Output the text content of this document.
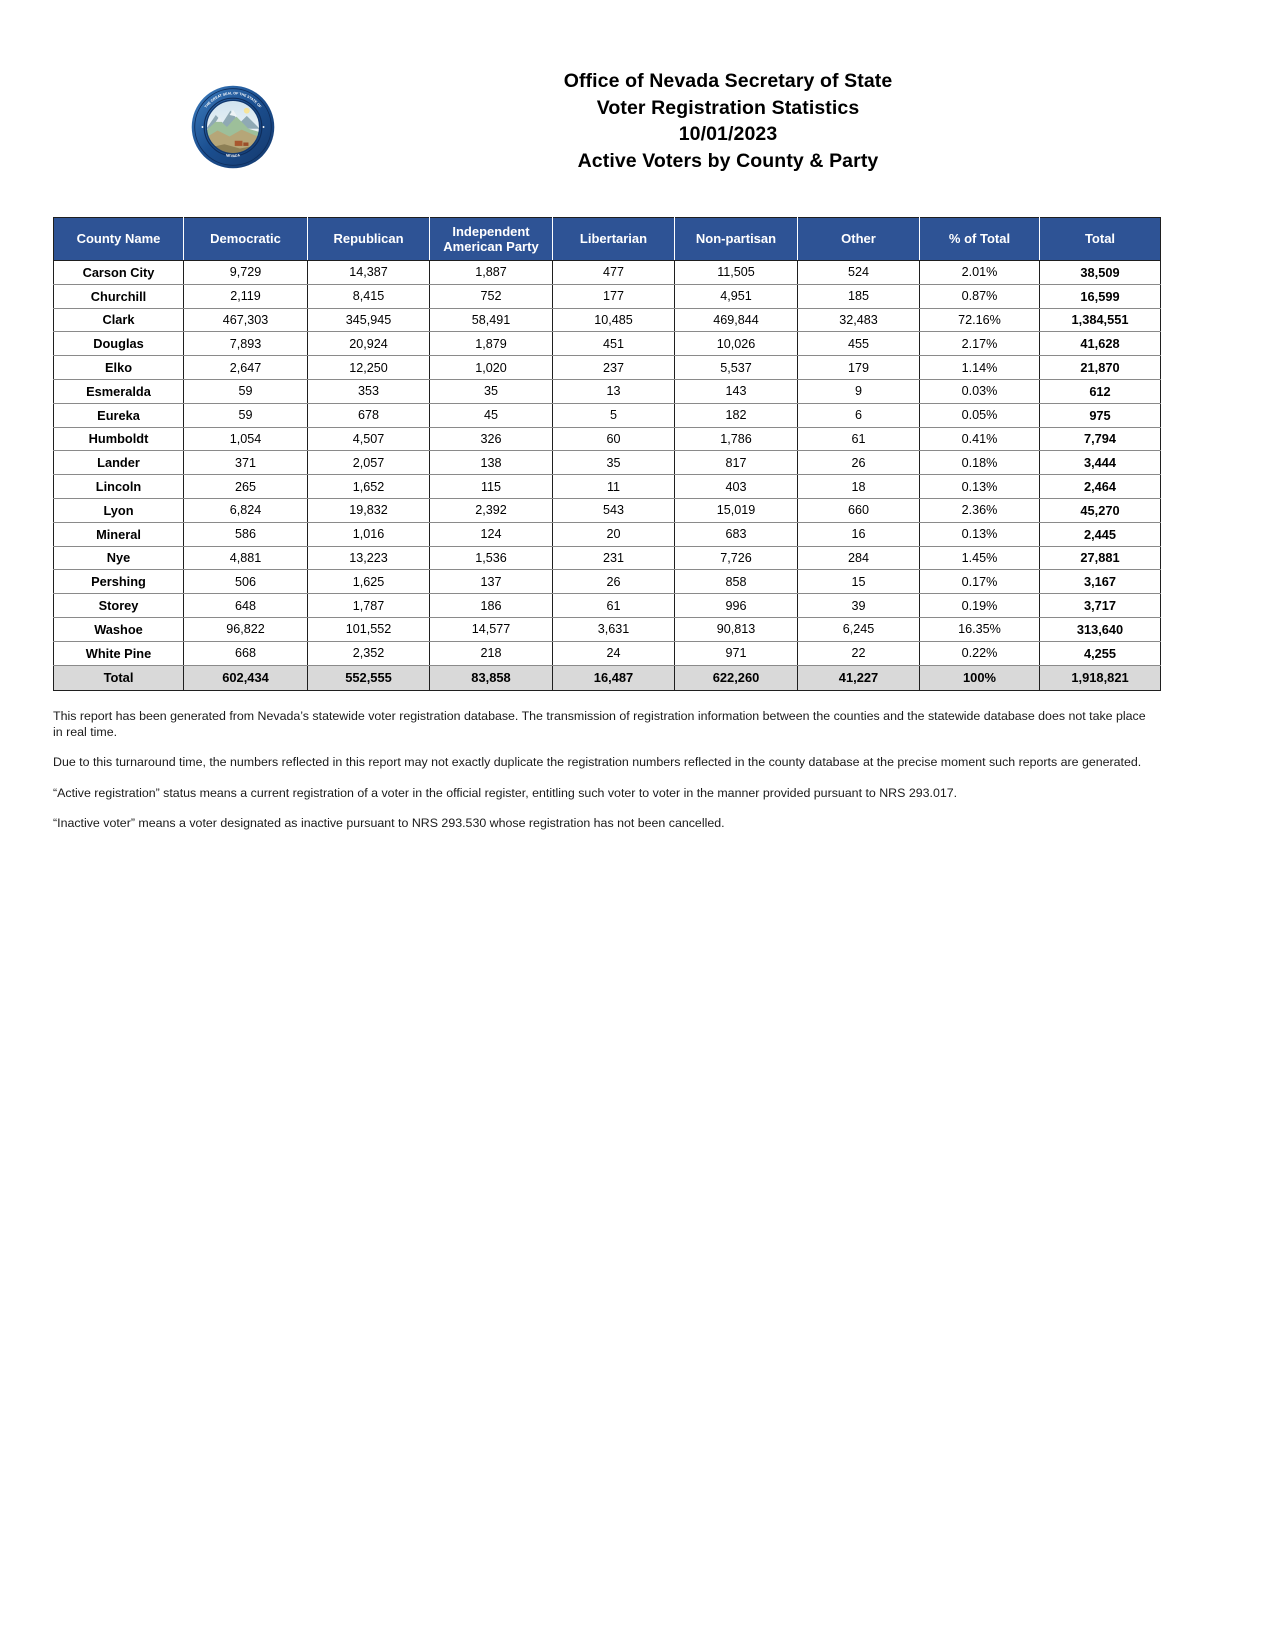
THE GREAT SEAL OF THE STATE OF
NEVADA
Office of Nevada Secretary of State
Voter Registration Statistics
10/01/2023
Active Voters by County & Party
County Name	Democratic	Republican	Independent American Party	Libertarian	Non-partisan	Other	% of Total	Total
Carson City	9,729	14,387	1,887	477	11,505	524	2.01%	38,509
Churchill	2,119	8,415	752	177	4,951	185	0.87%	16,599
Clark	467,303	345,945	58,491	10,485	469,844	32,483	72.16%	1,384,551
Douglas	7,893	20,924	1,879	451	10,026	455	2.17%	41,628
Elko	2,647	12,250	1,020	237	5,537	179	1.14%	21,870
Esmeralda	59	353	35	13	143	9	0.03%	612
Eureka	59	678	45	5	182	6	0.05%	975
Humboldt	1,054	4,507	326	60	1,786	61	0.41%	7,794
Lander	371	2,057	138	35	817	26	0.18%	3,444
Lincoln	265	1,652	115	11	403	18	0.13%	2,464
Lyon	6,824	19,832	2,392	543	15,019	660	2.36%	45,270
Mineral	586	1,016	124	20	683	16	0.13%	2,445
Nye	4,881	13,223	1,536	231	7,726	284	1.45%	27,881
Pershing	506	1,625	137	26	858	15	0.17%	3,167
Storey	648	1,787	186	61	996	39	0.19%	3,717
Washoe	96,822	101,552	14,577	3,631	90,813	6,245	16.35%	313,640
White Pine	668	2,352	218	24	971	22	0.22%	4,255
Total	602,434	552,555	83,858	16,487	622,260	41,227	100%	1,918,821

This report has been generated from Nevada’s statewide voter registration database. The transmission of registration information between the counties and the statewide database does not take place in real time.

Due to this turnaround time, the numbers reflected in this report may not exactly duplicate the registration numbers reflected in the county database at the precise moment such reports are generated.

“Active registration” status means a current registration of a voter in the official register, entitling such voter to voter in the manner provided pursuant to NRS 293.017.

“Inactive voter” means a voter designated as inactive pursuant to NRS 293.530 whose registration has not been cancelled.
